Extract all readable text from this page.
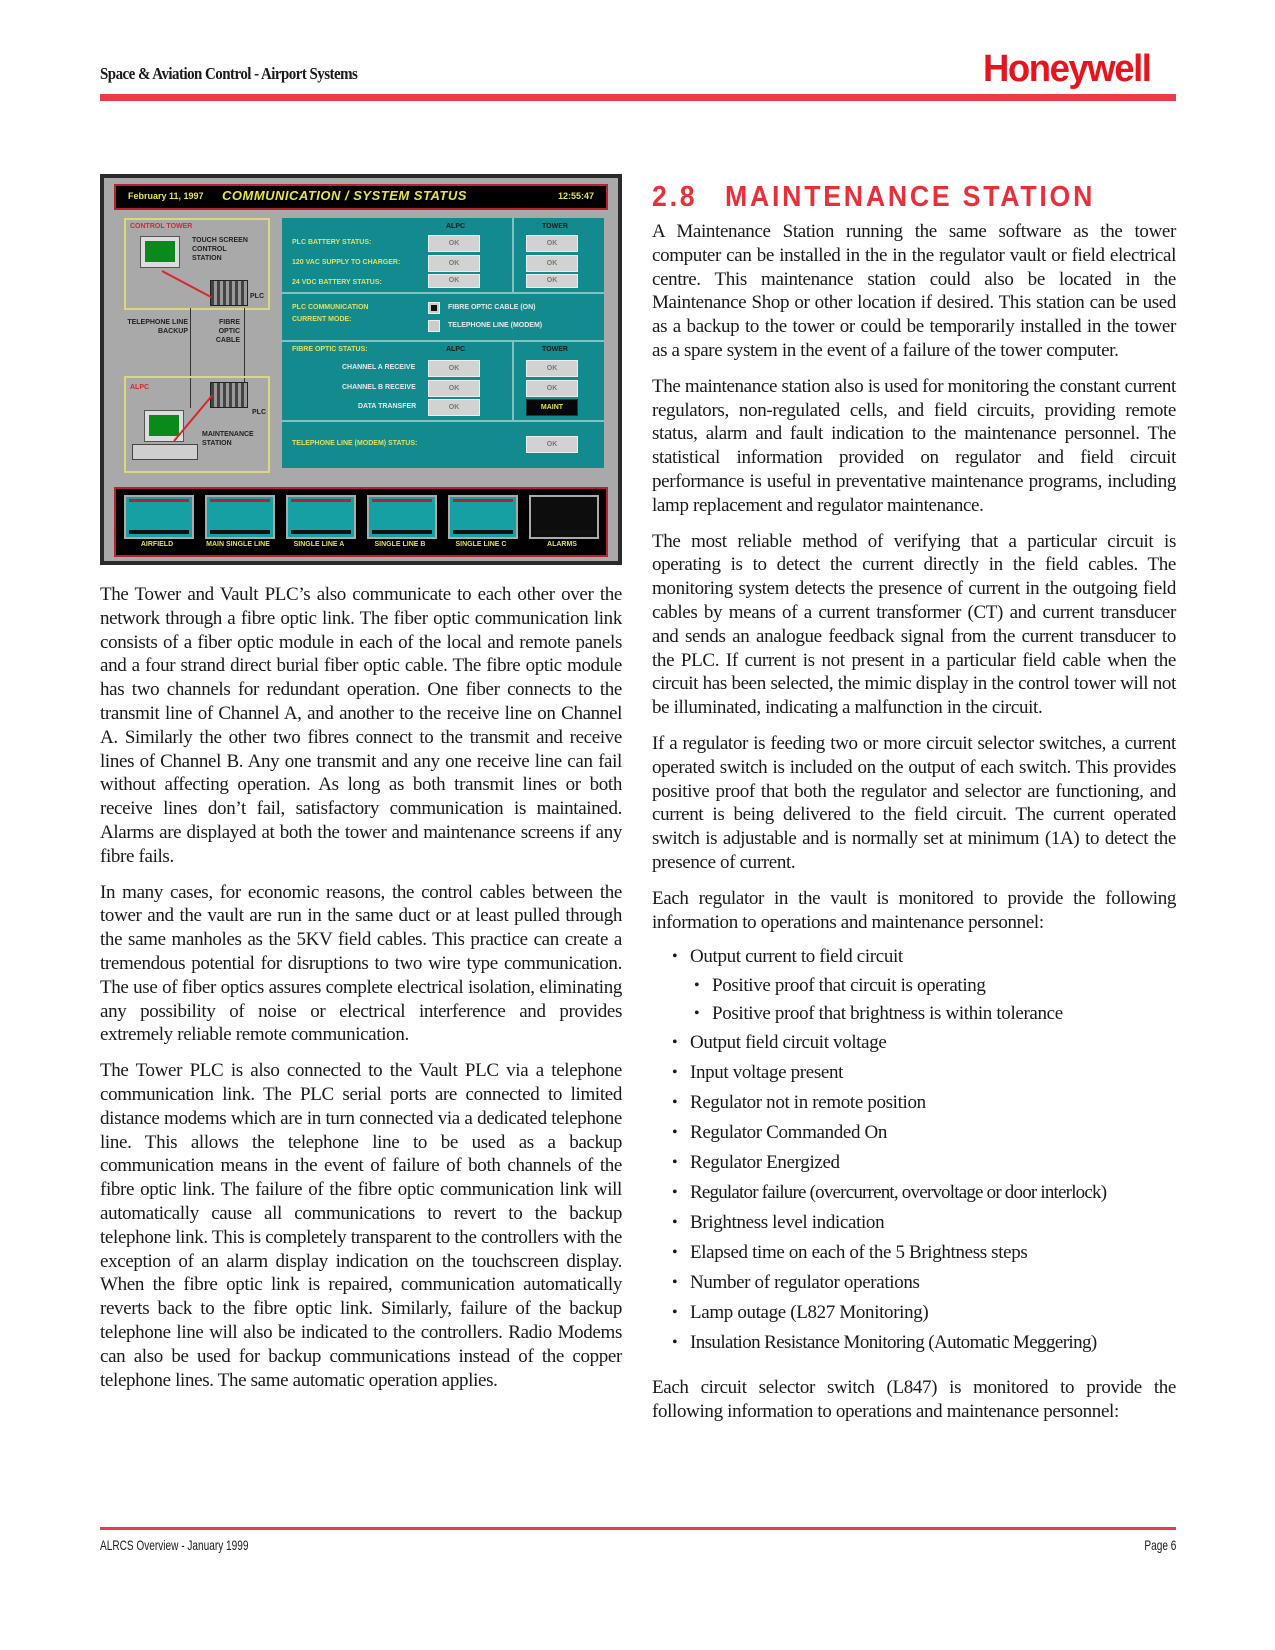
Space & Aviation Control - Airport Systems	Honeywell
February 11, 1997 COMMUNICATION / SYSTEM STATUS	12:55:47
CONTROL TOWER
TOUCH SCREEN CONTROL STATION
PLC
TELEPHONE LINE BACKUP
FIBRE OPTIC CABLE
ALPC
PLC
MAINTENANCE STATION
ALPC	TOWER
PLC BATTERY STATUS:	OK	OK
120 VAC SUPPLY TO CHARGER:	OK	OK
24 VDC BATTERY STATUS:	OK	OK
PLC COMMUNICATION
CURRENT MODE:
FIBRE OPTIC CABLE (ON)
TELEPHONE LINE (MODEM)
FIBRE OPTIC STATUS:	ALPC	TOWER
CHANNEL A RECEIVE	OK	OK
CHANNEL B RECEIVE	OK	OK
DATA TRANSFER	OK	MAINT
TELEPHONE LINE (MODEM) STATUS:	OK
AIRFIELD	MAIN SINGLE LINE	SINGLE LINE A	SINGLE LINE B	SINGLE LINE C	ALARMS

The Tower and Vault PLC’s also communicate to each other over the network through a fibre optic link. The fiber optic communication link consists of a fiber optic module in each of the local and remote panels and a four strand direct burial fiber optic cable. The fibre optic module has two channels for redundant operation. One fiber connects to the transmit line of Channel A, and another to the receive line on Channel A. Similarly the other two fibres connect to the transmit and receive lines of Channel B. Any one transmit and any one receive line can fail without affecting operation. As long as both transmit lines or both receive lines don’t fail, satisfactory communication is maintained. Alarms are displayed at both the tower and maintenance screens if any fibre fails.

In many cases, for economic reasons, the control cables between the tower and the vault are run in the same duct or at least pulled through the same manholes as the 5KV field cables. This practice can create a tremendous potential for disruptions to two wire type communication. The use of fiber optics assures complete electrical isolation, eliminating any possibility of noise or electrical interference and provides extremely reliable remote communication.

The Tower PLC is also connected to the Vault PLC via a telephone communication link. The PLC serial ports are connected to limited distance modems which are in turn connected via a dedicated telephone line. This allows the telephone line to be used as a backup communication means in the event of failure of both channels of the fibre optic link. The failure of the fibre optic communication link will automatically cause all communications to revert to the backup telephone link. This is completely transparent to the controllers with the exception of an alarm display indication on the touchscreen display. When the fibre optic link is repaired, communication automatically reverts back to the fibre optic link. Similarly, failure of the backup telephone line will also be indicated to the controllers. Radio Modems can also be used for backup communications instead of the copper telephone lines. The same automatic operation applies.

2.8 MAINTENANCE STATION

A Maintenance Station running the same software as the tower computer can be installed in the in the regulator vault or field electrical centre. This maintenance station could also be located in the Maintenance Shop or other location if desired. This station can be used as a backup to the tower or could be temporarily installed in the tower as a spare system in the event of a failure of the tower computer.

The maintenance station also is used for monitoring the constant current regulators, non-regulated cells, and field circuits, providing remote status, alarm and fault indication to the maintenance personnel. The statistical information provided on regulator and field circuit performance is useful in preventative maintenance programs, including lamp replacement and regulator maintenance.

The most reliable method of verifying that a particular circuit is operating is to detect the current directly in the field cables. The monitoring system detects the presence of current in the outgoing field cables by means of a current transformer (CT) and current transducer and sends an analogue feedback signal from the current transducer to the PLC. If current is not present in a particular field cable when the circuit has been selected, the mimic display in the control tower will not be illuminated, indicating a malfunction in the circuit.

If a regulator is feeding two or more circuit selector switches, a current operated switch is included on the output of each switch. This provides positive proof that both the regulator and selector are functioning, and current is being delivered to the field circuit. The current operated switch is adjustable and is normally set at minimum (1A) to detect the presence of current.

Each regulator in the vault is monitored to provide the following information to operations and maintenance personnel:

• Output current to field circuit
• Positive proof that circuit is operating
• Positive proof that brightness is within tolerance
• Output field circuit voltage
• Input voltage present
• Regulator not in remote position
• Regulator Commanded On
• Regulator Energized
• Regulator failure (overcurrent, overvoltage or door interlock)
• Brightness level indication
• Elapsed time on each of the 5 Brightness steps
• Number of regulator operations
• Lamp outage (L827 Monitoring)
• Insulation Resistance Monitoring (Automatic Meggering)

Each circuit selector switch (L847) is monitored to provide the following information to operations and maintenance personnel:

ALRCS Overview - January 1999	Page 6
